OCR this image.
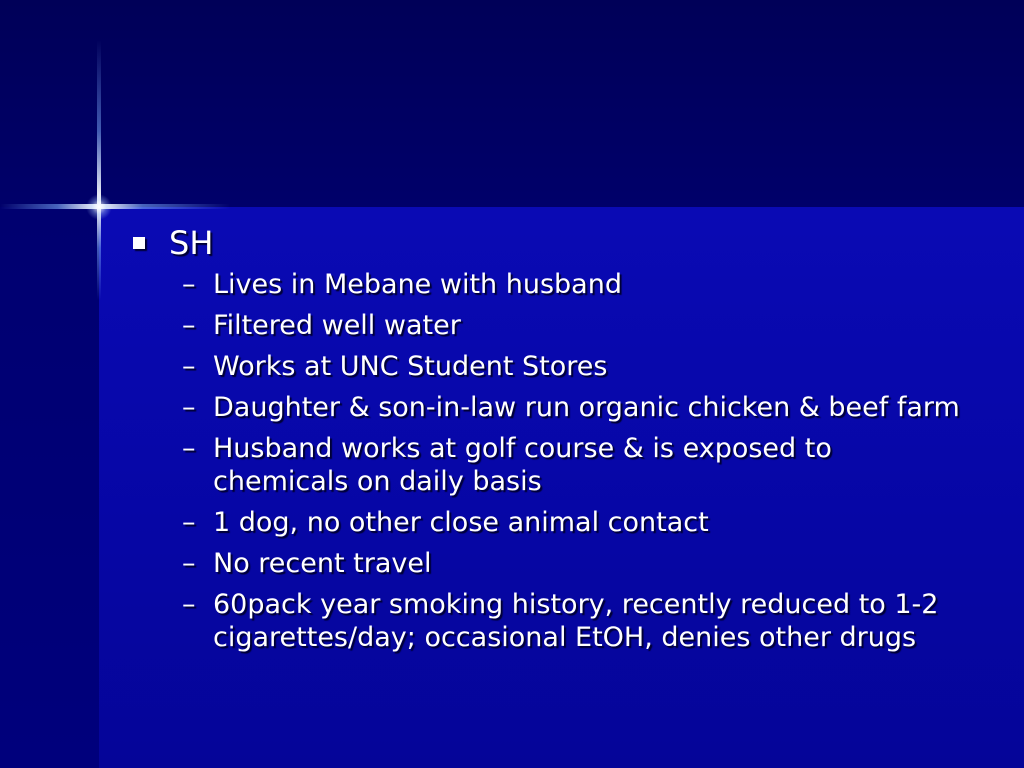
SH
– Lives in Mebane with husband
– Filtered well water
– Works at UNC Student Stores
– Daughter & son-in-law run organic chicken & beef farm
– Husband works at golf course & is exposed to chemicals on daily basis
– 1 dog, no other close animal contact
– No recent travel
– 60pack year smoking history, recently reduced to 1-2 cigarettes/day; occasional EtOH, denies other drugs
